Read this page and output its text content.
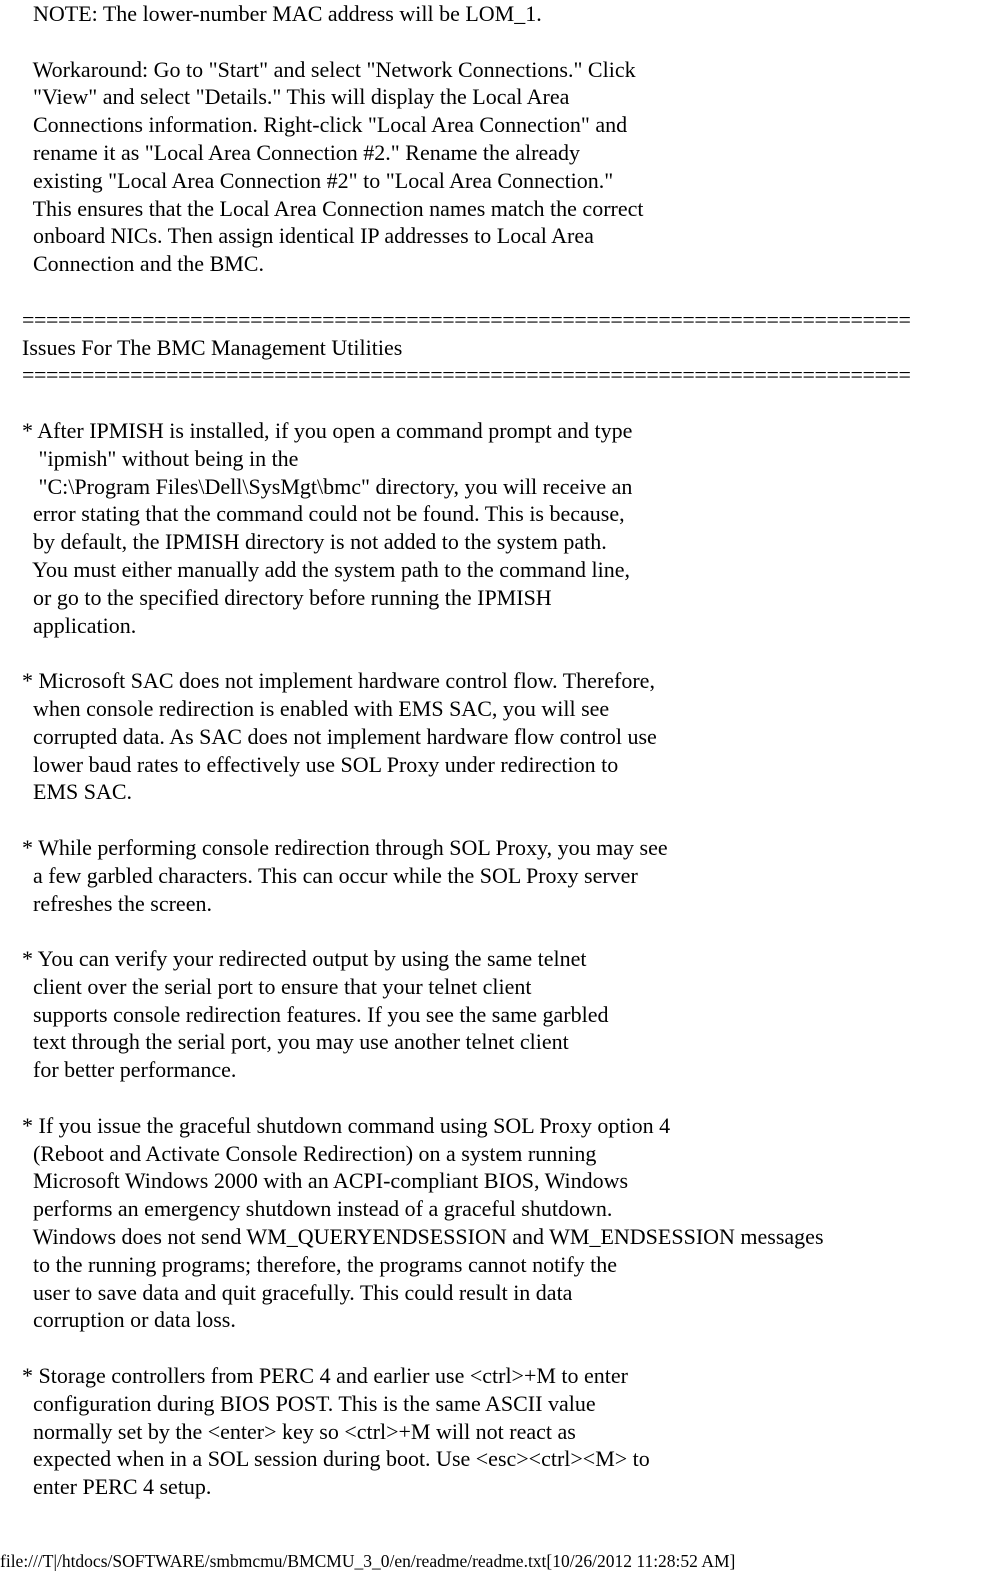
NOTE: The lower-number MAC address will be LOM_1.
Workaround: Go to "Start" and select "Network Connections." Click
"View" and select "Details." This will display the Local Area
Connections information. Right-click "Local Area Connection" and
rename it as "Local Area Connection #2." Rename the already
existing "Local Area Connection #2" to "Local Area Connection."
This ensures that the Local Area Connection names match the correct
onboard NICs. Then assign identical IP addresses to Local Area
Connection and the BMC.
==========================================================================
Issues For The BMC Management Utilities
==========================================================================
* After IPMISH is installed, if you open a command prompt and type
"ipmish" without being in the
"C:\Program Files\Dell\SysMgt\bmc" directory, you will receive an
error stating that the command could not be found. This is because,
by default, the IPMISH directory is not added to the system path.
You must either manually add the system path to the command line,
or go to the specified directory before running the IPMISH
application.
* Microsoft SAC does not implement hardware control flow. Therefore,
when console redirection is enabled with EMS SAC, you will see
corrupted data. As SAC does not implement hardware flow control use
lower baud rates to effectively use SOL Proxy under redirection to
EMS SAC.
* While performing console redirection through SOL Proxy, you may see
a few garbled characters. This can occur while the SOL Proxy server
refreshes the screen.
* You can verify your redirected output by using the same telnet
client over the serial port to ensure that your telnet client
supports console redirection features. If you see the same garbled
text through the serial port, you may use another telnet client
for better performance.
* If you issue the graceful shutdown command using SOL Proxy option 4
(Reboot and Activate Console Redirection) on a system running
Microsoft Windows 2000 with an ACPI-compliant BIOS, Windows
performs an emergency shutdown instead of a graceful shutdown.
Windows does not send WM_QUERYENDSESSION and WM_ENDSESSION messages
to the running programs; therefore, the programs cannot notify the
user to save data and quit gracefully. This could result in data
corruption or data loss.
* Storage controllers from PERC 4 and earlier use <ctrl>+M to enter
configuration during BIOS POST. This is the same ASCII value
normally set by the <enter> key so <ctrl>+M will not react as
expected when in a SOL session during boot. Use <esc><ctrl><M> to
enter PERC 4 setup.
file:///T|/htdocs/SOFTWARE/smbmcmu/BMCMU_3_0/en/readme/readme.txt[10/26/2012 11:28:52 AM]
